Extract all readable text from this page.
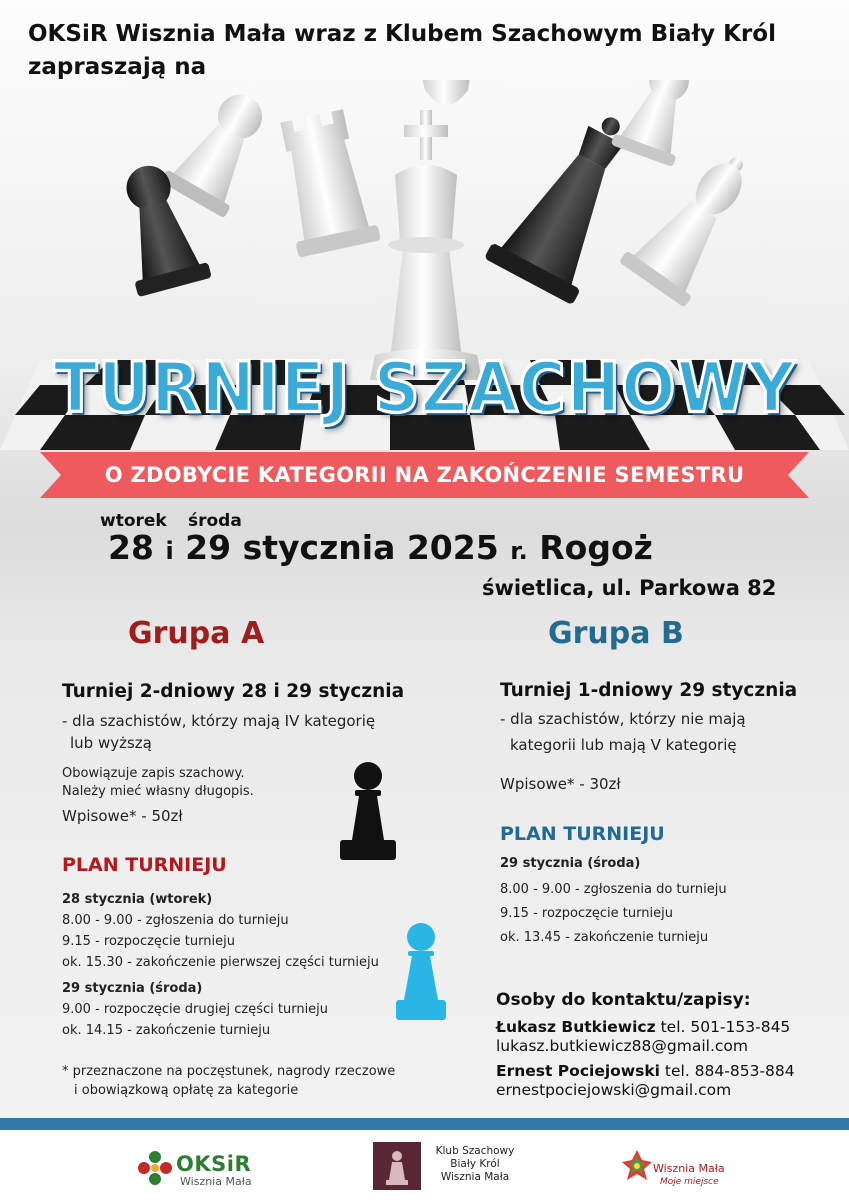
OKSiR Wisznia Mała wraz z Klubem Szachowym Biały Król
zapraszają na
TURNIEJ SZACHOWY
O ZDOBYCIE KATEGORII NA ZAKOŃCZENIE SEMESTRU
wtorek środa
28 i 29 stycznia 2025 r. Rogoż
świetlica, ul. Parkowa 82
Grupa A
Turniej 2-dniowy 28 i 29 stycznia
- dla szachistów, którzy mają IV kategorię
lub wyższą
Obowiązuje zapis szachowy.
Należy mieć własny długopis.
Wpisowe* - 50zł
PLAN TURNIEJU
28 stycznia (wtorek)
8.00 - 9.00 - zgłoszenia do turnieju
9.15 - rozpoczęcie turnieju
ok. 15.30 - zakończenie pierwszej części turnieju
29 stycznia (środa)
9.00 - rozpoczęcie drugiej części turnieju
ok. 14.15 - zakończenie turnieju
* przeznaczone na poczęstunek, nagrody rzeczowe
i obowiązkową opłatę za kategorie
Grupa B
Turniej 1-dniowy 29 stycznia
- dla szachistów, którzy nie mają
kategorii lub mają V kategorię
Wpisowe* - 30zł
PLAN TURNIEJU
29 stycznia (środa)
8.00 - 9.00 - zgłoszenia do turnieju
9.15 - rozpoczęcie turnieju
ok. 13.45 - zakończenie turnieju
Osoby do kontaktu/zapisy:
Łukasz Butkiewicz tel. 501-153-845
lukasz.butkiewicz88@gmail.com
Ernest Pociejowski tel. 884-853-884
ernestpociejowski@gmail.com
OKSiR
Wisznia Mała
Klub Szachowy
Biały Król
Wisznia Mała
Wisznia Mała
Moje miejsce
